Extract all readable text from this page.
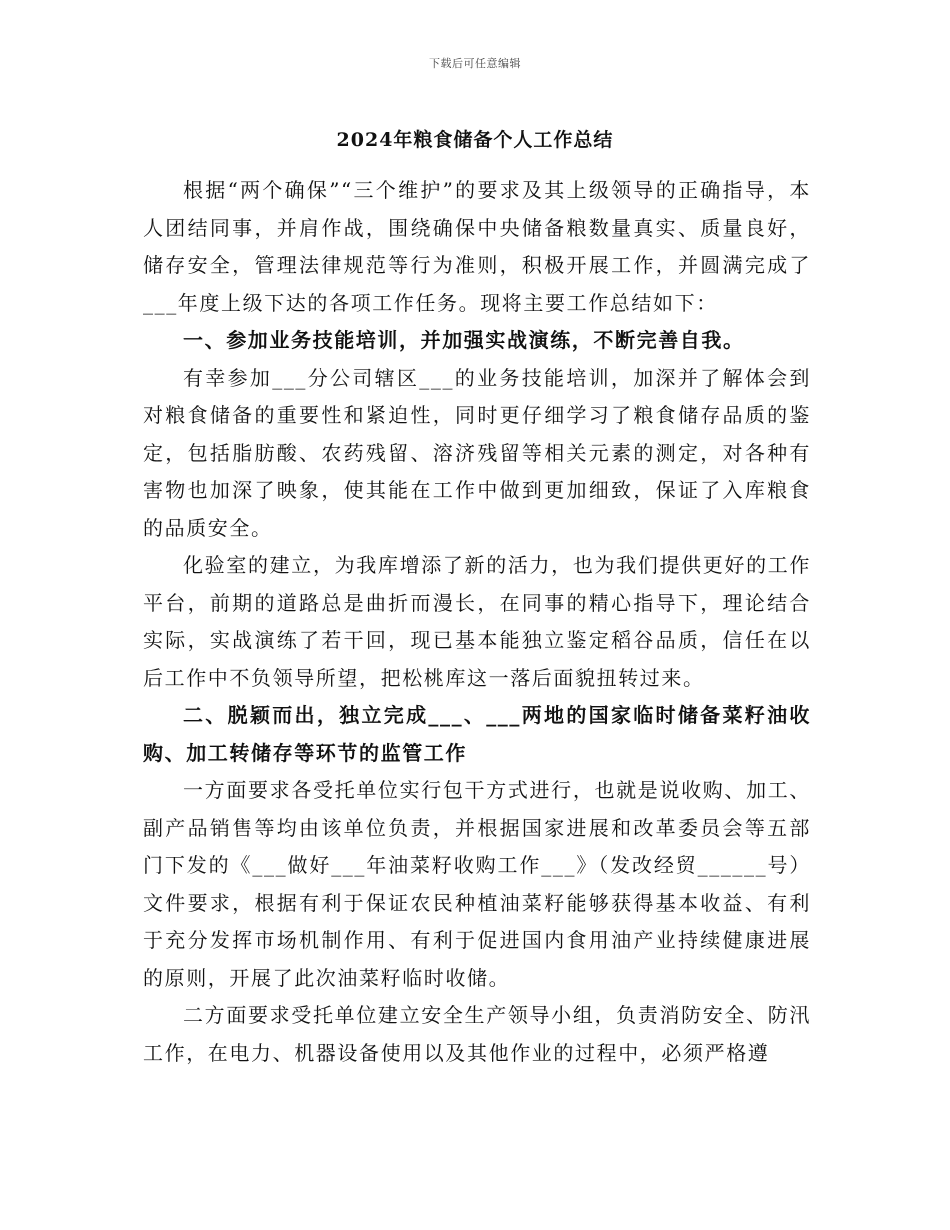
下载后可任意编辑
2024年粮食储备个人工作总结

根据“两个确保”“三个维护”的要求及其上级领导的正确指导，本人团结同事，并肩作战，围绕确保中央储备粮数量真实、质量良好，储存安全，管理法律规范等行为准则，积极开展工作，并圆满完成了___年度上级下达的各项工作任务。现将主要工作总结如下：

一、参加业务技能培训，并加强实战演练，不断完善自我。

有幸参加___分公司辖区___的业务技能培训，加深并了解体会到对粮食储备的重要性和紧迫性，同时更仔细学习了粮食储存品质的鉴定，包括脂肪酸、农药残留、溶济残留等相关元素的测定，对各种有害物也加深了映象，使其能在工作中做到更加细致，保证了入库粮食的品质安全。

化验室的建立，为我库增添了新的活力，也为我们提供更好的工作平台，前期的道路总是曲折而漫长，在同事的精心指导下，理论结合实际，实战演练了若干回，现已基本能独立鉴定稻谷品质，信任在以后工作中不负领导所望，把松桃库这一落后面貌扭转过来。

二、脱颖而出，独立完成___、___两地的国家临时储备菜籽油收购、加工转储存等环节的监管工作

一方面要求各受托单位实行包干方式进行，也就是说收购、加工、副产品销售等均由该单位负责，并根据国家进展和改革委员会等五部门下发的《___做好___年油菜籽收购工作___》（发改经贸______号）文件要求，根据有利于保证农民种植油菜籽能够获得基本收益、有利于充分发挥市场机制作用、有利于促进国内食用油产业持续健康进展的原则，开展了此次油菜籽临时收储。

二方面要求受托单位建立安全生产领导小组，负责消防安全、防汛工作，在电力、机器设备使用以及其他作业的过程中，必须严格遵
